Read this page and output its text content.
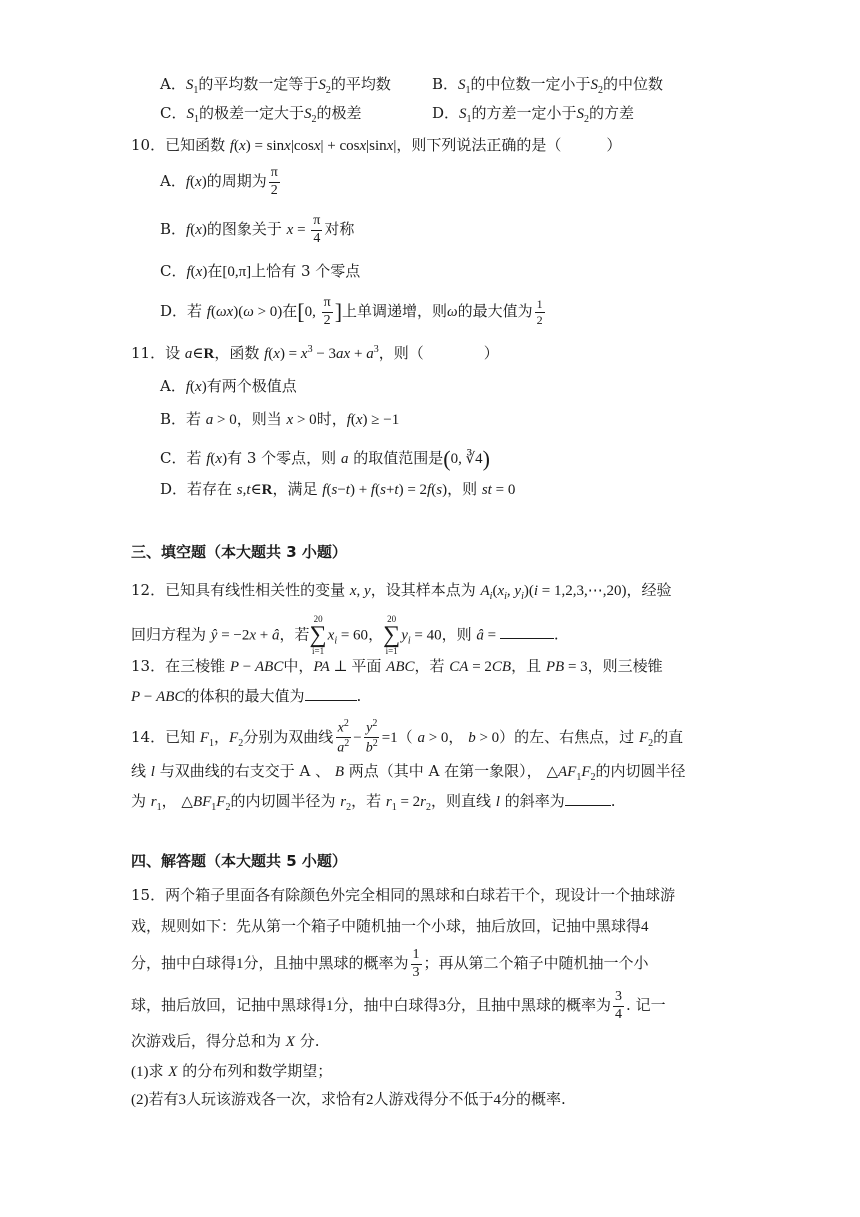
A．$S_1$的平均数一定等于$S_2$的平均数	B．$S_1$的中位数一定小于$S_2$的中位数
C．$S_1$的极差一定大于$S_2$的极差	D．$S_1$的方差一定小于$S_2$的方差
10．已知函数 f(x) = sinx|cosx| + cosx|sinx|，则下列说法正确的是（　　　）
A．f(x)的周期为 $\frac{\pi}{2}$
B．f(x)的图象关于 $x = \frac{\pi}{4}$ 对称
C．f(x)在[0,π]上恰有 3 个零点
D．若 f(ωx)(ω > 0)在[0, $\frac{\pi}{2}$ ]上单调递增，则ω的最大值为 $\frac{1}{2}$
11．设 a∈R，函数 $f(x) = x^3 - 3ax + a^3$，则（　　　　）
A．f(x)有两个极值点
B．若 a > 0，则当 x > 0时，f(x) ≥ −1
C．若 f(x)有 3 个零点，则 a 的取值范围是(0, ∛4)
D．若存在 s,t∈R，满足 f(s−t) + f(s+t) = 2f(s)，则 st = 0
三、填空题（本大题共 3 小题）
12．已知具有线性相关性的变量 x, y，设其样本点为 $A_i(x_i$, $y_i)(i$ = 1,2,3,⋯,20)，经验
回归方程为 ŷ = −2x + â，若
20
∑
i=1
$x_i = 60$，
20
∑
i=1
$y_i = 40$，则 â =	.
13．在三棱锥 P − ABC中，PA ⊥ 平面 ABC，若 CA = 2CB，且 PB = 3，则三棱锥
P − ABC的体积的最大值为	.
14．已知 $F_1$，$F_2$分别为双曲线 $\frac{x^2}{a^2} - \frac{y^2}{b^2} =1$（ a > 0， b > 0）的左、右焦点，过 $F_2$的直
线 l 与双曲线的右支交于 A 、 B 两点（其中 A 在第一象限）， $\triangle AF_1F_2$的内切圆半径
为 $r_1$， $\triangle BF_1F_2$的内切圆半径为 $r_2$，若 $r_1 = 2r_2$，则直线 l 的斜率为	.
四、解答题（本大题共 5 小题）
15．两个箱子里面各有除颜色外完全相同的黑球和白球若干个，现设计一个抽球游
戏，规则如下：先从第一个箱子中随机抽一个小球，抽后放回，记抽中黑球得4
分，抽中白球得1分，且抽中黑球的概率为 $\frac{1}{3}$ ；再从第二个箱子中随机抽一个小
球，抽后放回，记抽中黑球得1分，抽中白球得3分，且抽中黑球的概率为 $\frac{3}{4}$ . 记一
次游戏后，得分总和为 X 分.
(1)求 X 的分布列和数学期望；
(2)若有3人玩该游戏各一次，求恰有2人游戏得分不低于4分的概率.
